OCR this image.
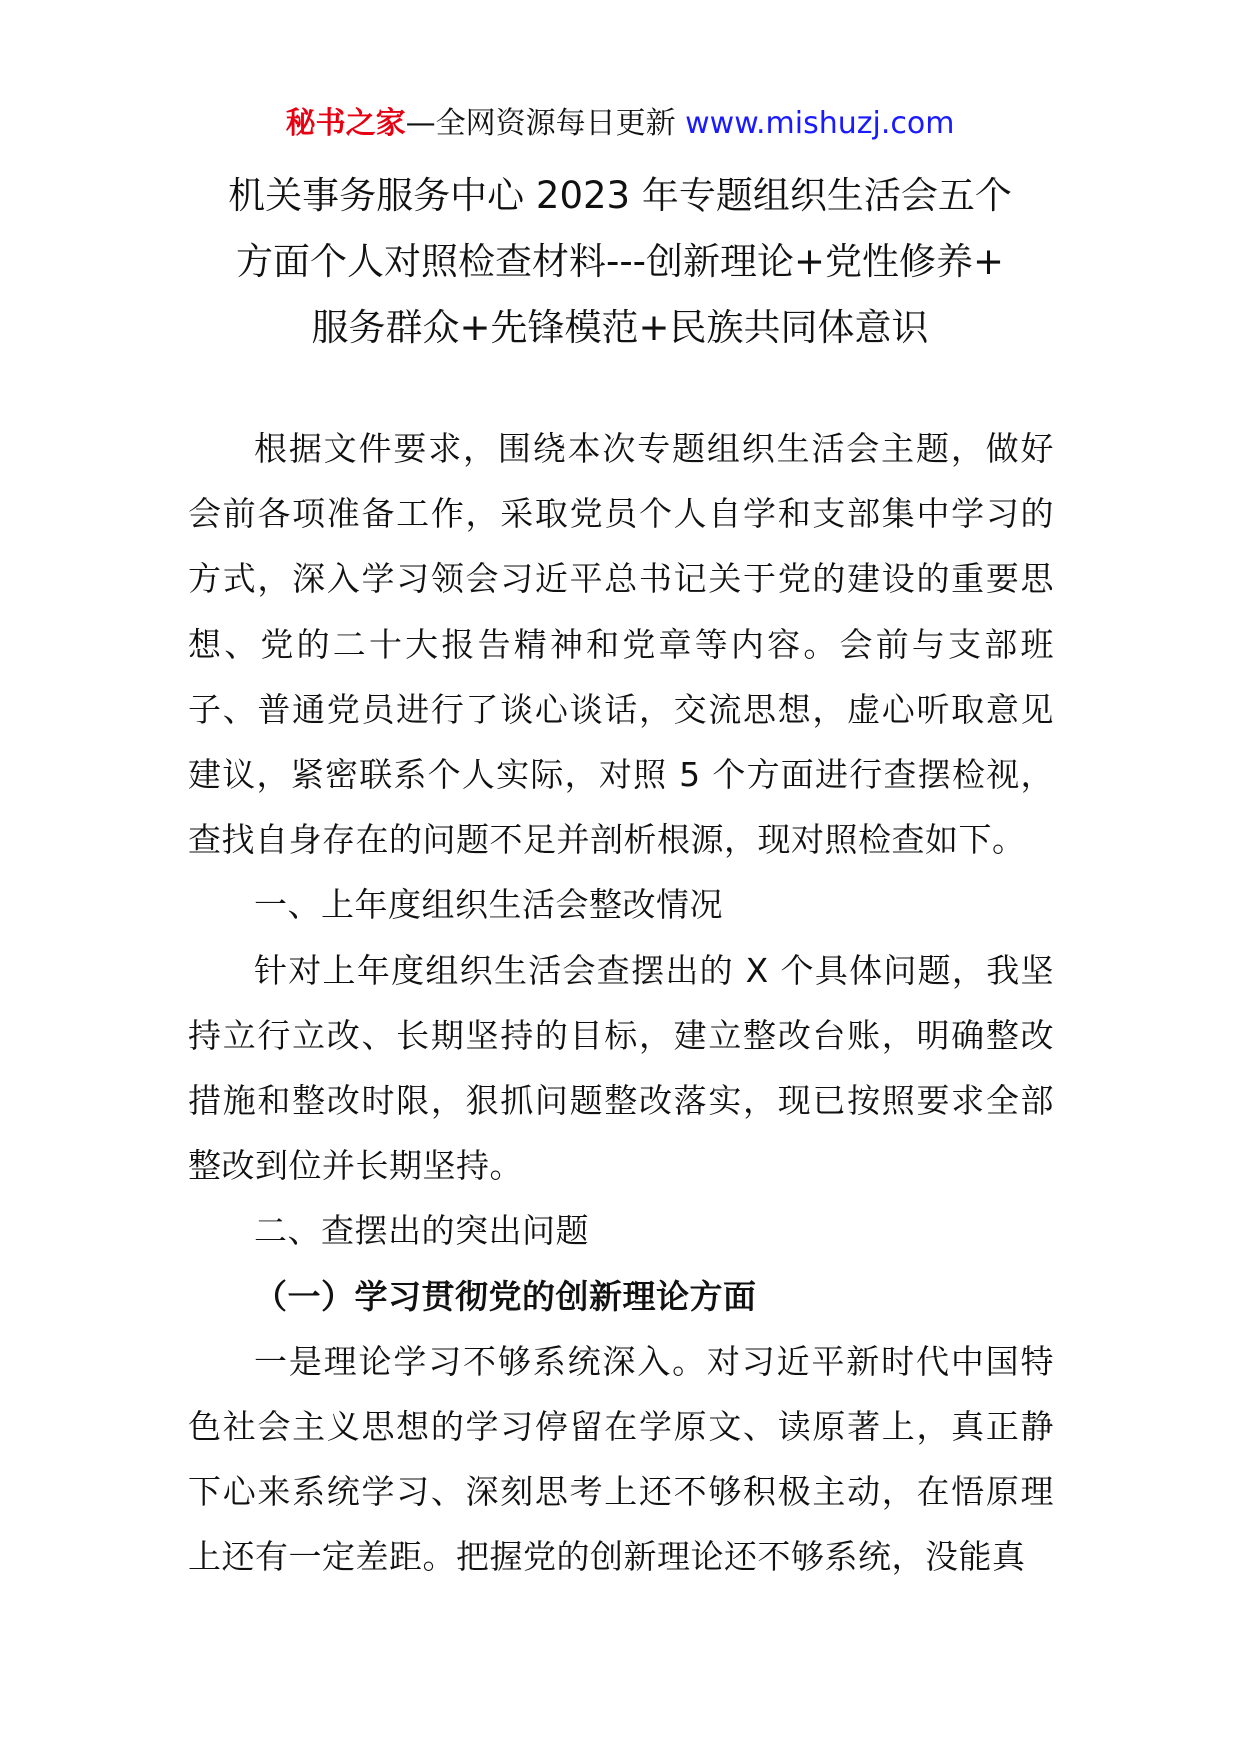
秘书之家—全网资源每日更新 www.mishuzj.com
机关事务服务中心 2023 年专题组织生活会五个
方面个人对照检查材料---创新理论+党性修养+
服务群众+先锋模范+民族共同体意识

根据文件要求，围绕本次专题组织生活会主题，做好会前各项准备工作，采取党员个人自学和支部集中学习的方式，深入学习领会习近平总书记关于党的建设的重要思想、党的二十大报告精神和党章等内容。会前与支部班子、普通党员进行了谈心谈话，交流思想，虚心听取意见建议，紧密联系个人实际，对照 5 个方面进行查摆检视，查找自身存在的问题不足并剖析根源，现对照检查如下。

一、上年度组织生活会整改情况

针对上年度组织生活会查摆出的 X 个具体问题，我坚持立行立改、长期坚持的目标，建立整改台账，明确整改措施和整改时限，狠抓问题整改落实，现已按照要求全部整改到位并长期坚持。

二、查摆出的突出问题

（一）学习贯彻党的创新理论方面

一是理论学习不够系统深入。对习近平新时代中国特色社会主义思想的学习停留在学原文、读原著上，真正静下心来系统学习、深刻思考上还不够积极主动，在悟原理上还有一定差距。把握党的创新理论还不够系统，没能真
